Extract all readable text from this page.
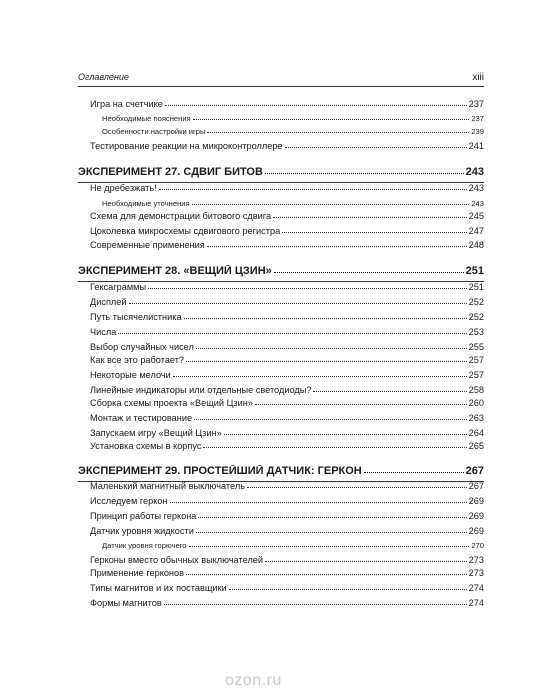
Оглавление	xiii
Игра на счетчике	237
Необходимые пояснения	237
Особенности настройки игры	239
Тестирование реакции на микроконтроллере	241
ЭКСПЕРИМЕНТ 27. СДВИГ БИТОВ	243
Не дребезжать!	243
Необходимые уточнения	243
Схема для демонстрации битового сдвига	245
Цоколевка микросхемы сдвигового регистра	247
Современные применения	248
ЭКСПЕРИМЕНТ 28. «ВЕЩИЙ ЦЗИН»	251
Гексаграммы	251
Дисплей	252
Путь тысячелистника	252
Числа	253
Выбор случайных чисел	255
Как все это работает?	257
Некоторые мелочи	257
Линейные индикаторы или отдельные светодиоды?	258
Сборка схемы проекта «Вещий Цзин»	260
Монтаж и тестирование	263
Запускаем игру «Вещий Цзин»	264
Установка схемы в корпус	265
ЭКСПЕРИМЕНТ 29. ПРОСТЕЙШИЙ ДАТЧИК: ГЕРКОН	267
Маленький магнитный выключатель	267
Исследуем геркон	269
Принцип работы геркона	269
Датчик уровня жидкости	269
Датчик уровня горючего	270
Герконы вместо обычных выключателей	273
Применение герконов	273
Типы магнитов и их поставщики	274
Формы магнитов	274
ozon.ru
